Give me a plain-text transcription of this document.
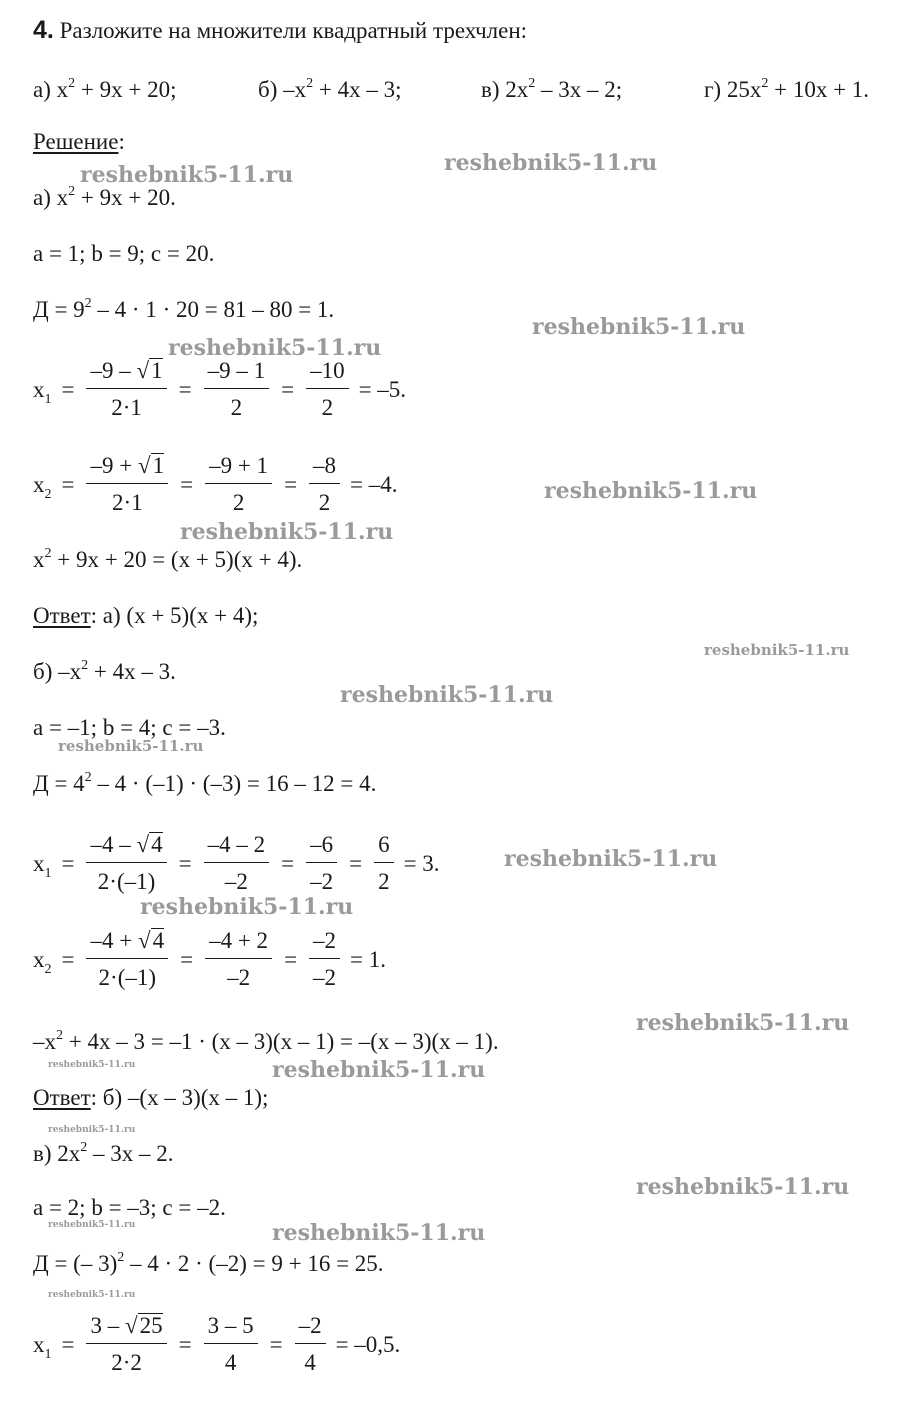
4. Разложите на множители квадратный трехчлен:
а) $x^2 + 9x + 20$;	б) $-x^2 + 4x - 3$;	в) $2x^2 - 3x - 2$;	г) $25x^2 + 10x + 1$.
Решение:
а) $x^2 + 9x + 20$.
a = 1; b = 9; c = 20.
$Д = 9^2 - 4 \cdot 1 \cdot 20 = 81 - 80 = 1$.
$x_1 = \frac{-9 - √1}{2\cdot 1} = \frac{-9 - 1}{2} = \frac{-10}{2} = -5$.
$x_2 = \frac{-9 + √1}{2\cdot 1} = \frac{-9 + 1}{2} = \frac{-8}{2} = -4$.
$x^2 + 9x + 20 = (x + 5)(x + 4)$.
Ответ: а) (x + 5)(x + 4);
б) $-x^2 + 4x - 3$.
a = –1; b = 4; c = –3.
$Д = 4^2 - 4 \cdot (-1) \cdot (-3) = 16 - 12 = 4$.
$x_1 = \frac{-4 - √4}{2\cdot(-1)} = \frac{-4 - 2}{-2} = \frac{-6}{-2} = \frac{6}{2} = 3$.
$x_2 = \frac{-4 + √4}{2\cdot(-1)} = \frac{-4 + 2}{-2} = \frac{-2}{-2} = 1$.
$-x^2 + 4x - 3 = -1 \cdot (x - 3)(x - 1) = -(x - 3)(x - 1)$.
Ответ: б) –(x – 3)(x – 1);
в) $2x^2 - 3x - 2$.
a = 2; b = –3; c = –2.
Д = (– 3)$^2$ – 4 · 2 · (–2) = 9 + 16 = 25.
$x_1 = \frac{3 - √25}{2\cdot 2} = \frac{3 - 5}{4} = \frac{-2}{4} = -0,5$.
reshebnik5-11.ru	reshebnik5-11.ru
reshebnik5-11.ru
reshebnik5-11.ru
reshebnik5-11.ru
reshebnik5-11.ru
reshebnik5-11.ru
reshebnik5-11.ru
reshebnik5-11.ru
reshebnik5-11.ru
reshebnik5-11.ru
reshebnik5-11.ru
reshebnik5-11.ru	reshebnik5-11.ru
reshebnik5-11.ru
reshebnik5-11.ru
reshebnik5-11.ru	reshebnik5-11.ru
reshebnik5-11.ru
